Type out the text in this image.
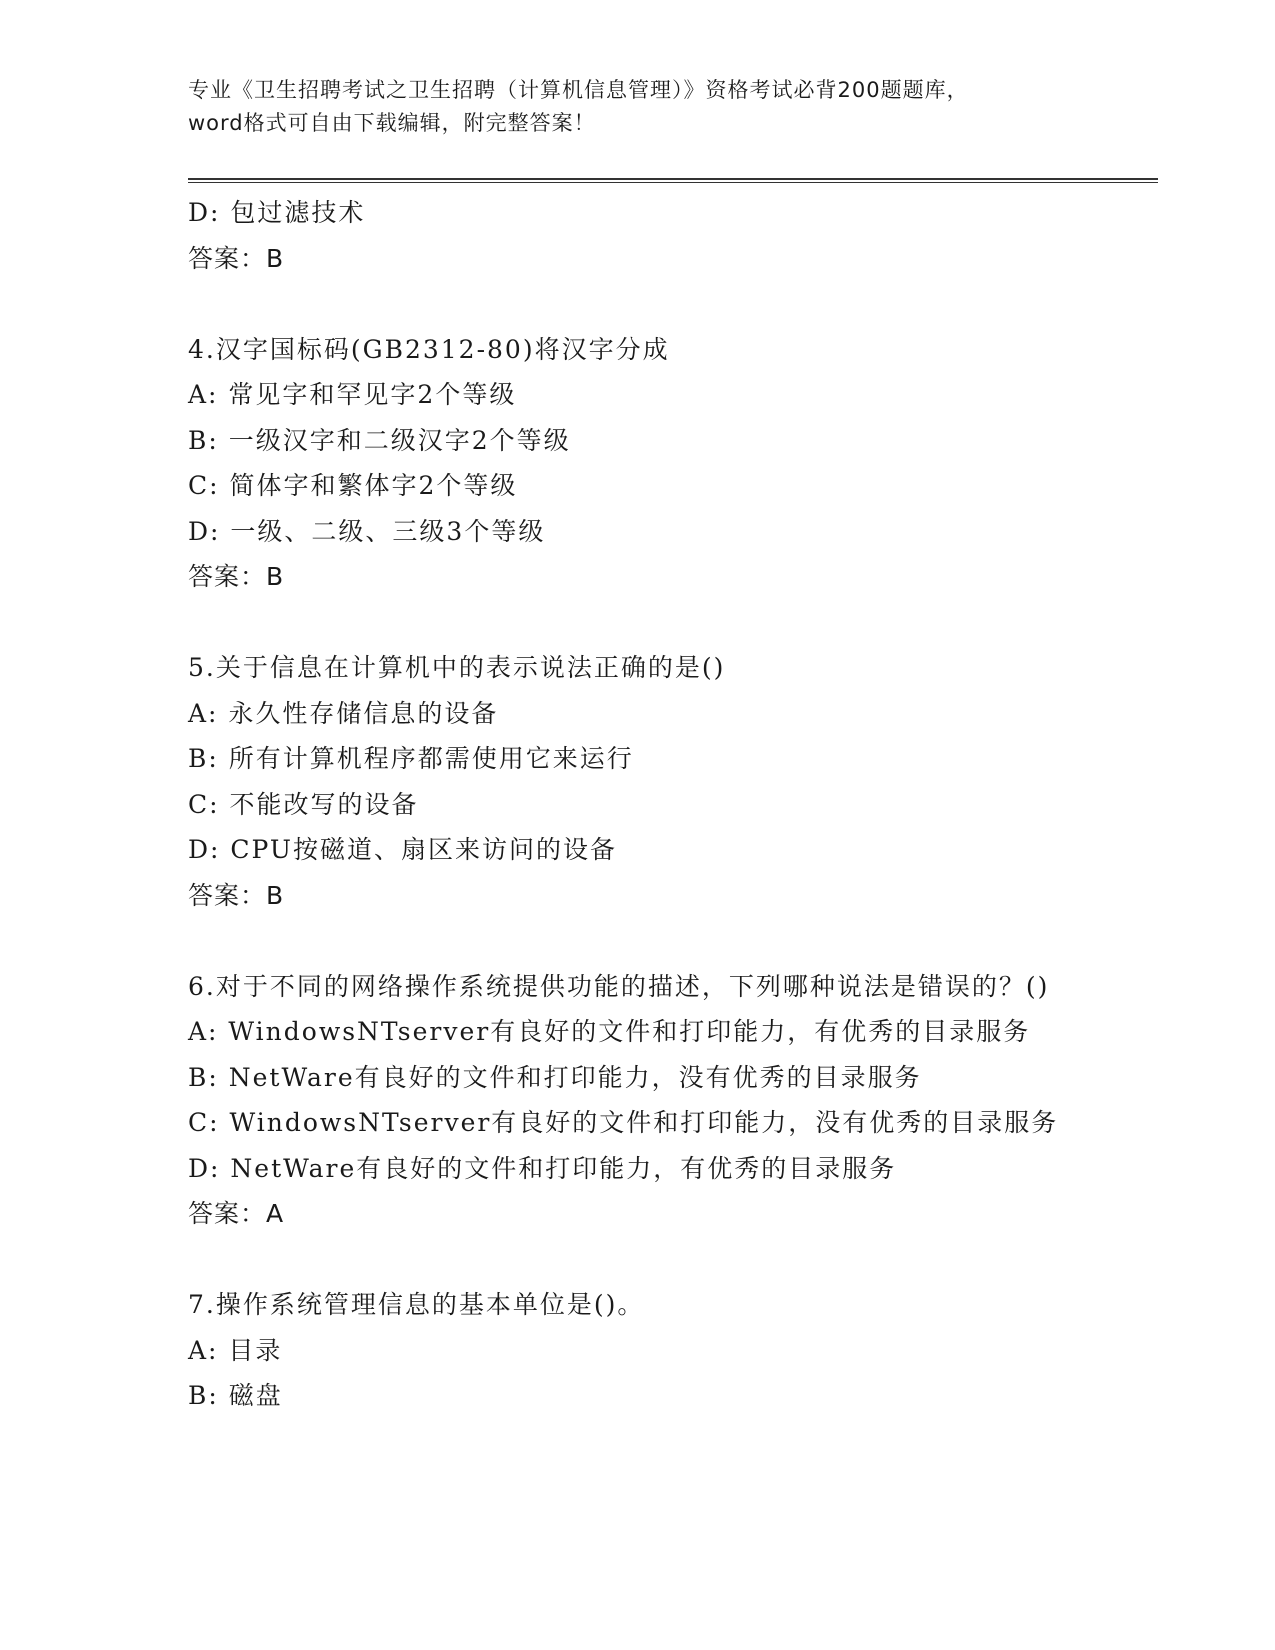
专业《卫生招聘考试之卫生招聘（计算机信息管理）》资格考试必背200题题库，
word格式可自由下载编辑，附完整答案！
D: 包过滤技术
答案：B
4.汉字国标码(GB2312-80)将汉字分成
A: 常见字和罕见字2个等级
B: 一级汉字和二级汉字2个等级
C: 简体字和繁体字2个等级
D: 一级、二级、三级3个等级
答案：B
5.关于信息在计算机中的表示说法正确的是()
A: 永久性存储信息的设备
B: 所有计算机程序都需使用它来运行
C: 不能改写的设备
D: CPU按磁道、扇区来访问的设备
答案：B
6.对于不同的网络操作系统提供功能的描述，下列哪种说法是错误的？()
A: WindowsNTserver有良好的文件和打印能力，有优秀的目录服务
B: NetWare有良好的文件和打印能力，没有优秀的目录服务
C: WindowsNTserver有良好的文件和打印能力，没有优秀的目录服务
D: NetWare有良好的文件和打印能力，有优秀的目录服务
答案：A
7.操作系统管理信息的基本单位是()。
A: 目录
B: 磁盘
